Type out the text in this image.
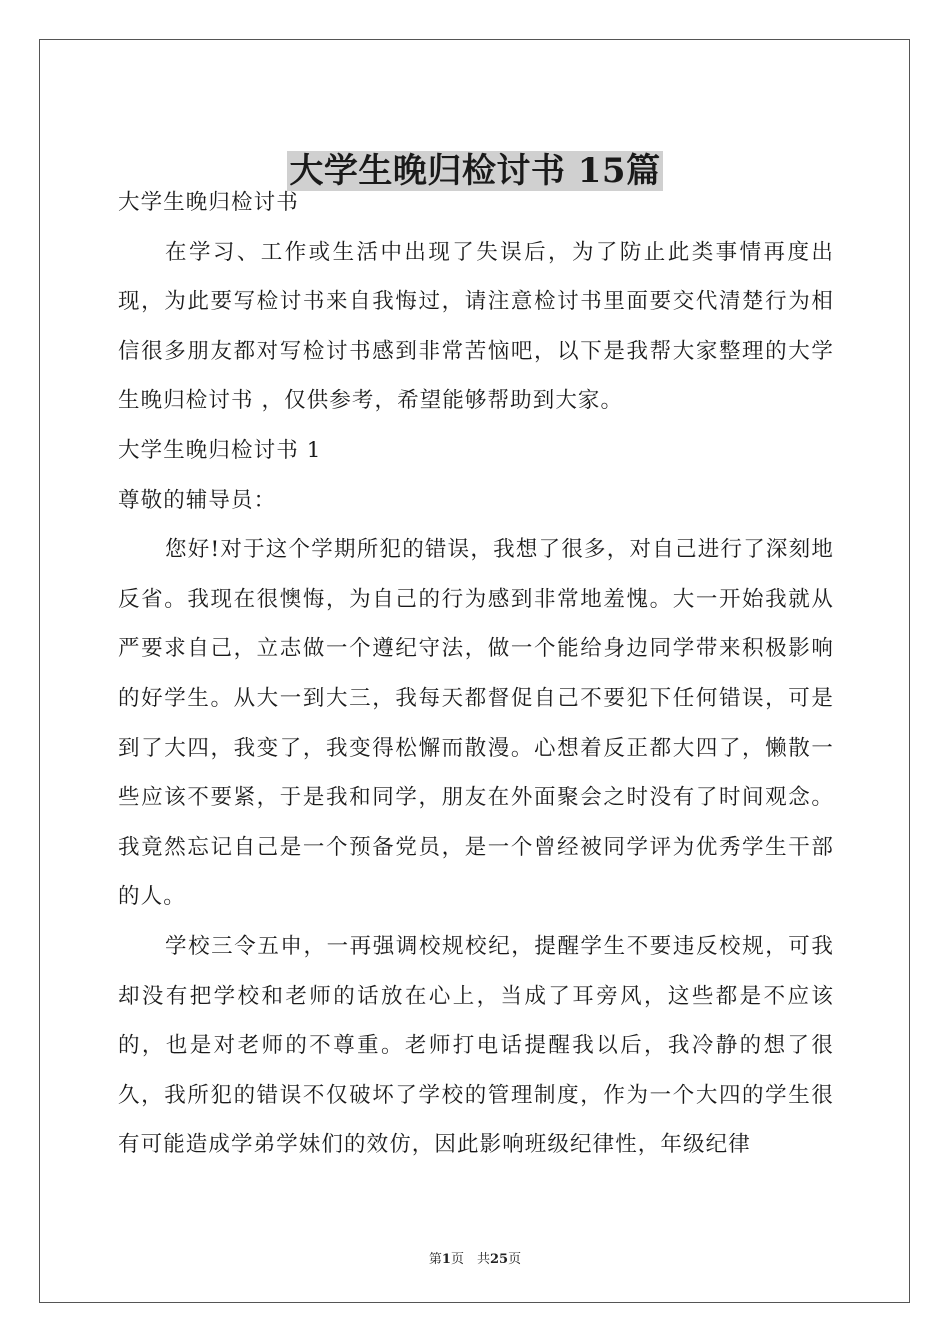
大学生晚归检讨书 15篇

大学生晚归检讨书

在学习、工作或生活中出现了失误后，为了防止此类事情再度出现，为此要写检讨书来自我悔过，请注意检讨书里面要交代清楚行为相信很多朋友都对写检讨书感到非常苦恼吧，以下是我帮大家整理的大学生晚归检讨书 ，仅供参考，希望能够帮助到大家。

大学生晚归检讨书 1

尊敬的辅导员：

您好!对于这个学期所犯的错误，我想了很多，对自己进行了深刻地反省。我现在很懊悔，为自己的行为感到非常地羞愧。大一开始我就从严要求自己，立志做一个遵纪守法，做一个能给身边同学带来积极影响的好学生。从大一到大三，我每天都督促自己不要犯下任何错误，可是到了大四，我变了，我变得松懈而散漫。心想着反正都大四了，懒散一些应该不要紧，于是我和同学，朋友在外面聚会之时没有了时间观念。我竟然忘记自己是一个预备党员，是一个曾经被同学评为优秀学生干部的人。

学校三令五申，一再强调校规校纪，提醒学生不要违反校规，可我却没有把学校和老师的话放在心上，当成了耳旁风，这些都是不应该的，也是对老师的不尊重。老师打电话提醒我以后，我冷静的想了很久，我所犯的错误不仅破坏了学校的管理制度，作为一个大四的学生很有可能造成学弟学妹们的效仿，因此影响班级纪律性，年级纪律

第1页　共25页
